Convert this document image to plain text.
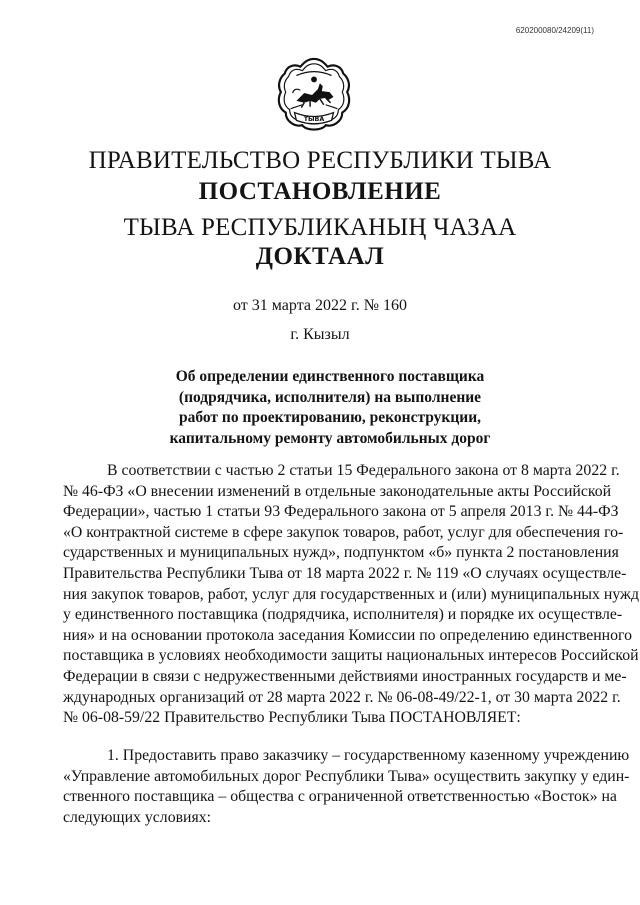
620200080/24209(11)
ТЫВА
ПРАВИТЕЛЬСТВО РЕСПУБЛИКИ ТЫВА
ПОСТАНОВЛЕНИЕ
ТЫВА РЕСПУБЛИКАНЫҢ ЧАЗАА
ДОКТААЛ
от 31 марта 2022 г. № 160
г. Кызыл
Об определении единственного поставщика
(подрядчика, исполнителя) на выполнение
работ по проектированию, реконструкции,
капитальному ремонту автомобильных дорог
В соответствии с частью 2 статьи 15 Федерального закона от 8 марта 2022 г.
№ 46-ФЗ «О внесении изменений в отдельные законодательные акты Российской
Федерации», частью 1 статьи 93 Федерального закона от 5 апреля 2013 г. № 44-ФЗ
«О контрактной системе в сфере закупок товаров, работ, услуг для обеспечения го-
сударственных и муниципальных нужд», подпунктом «б» пункта 2 постановления
Правительства Республики Тыва от 18 марта 2022 г. № 119 «О случаях осуществле-
ния закупок товаров, работ, услуг для государственных и (или) муниципальных нужд
у единственного поставщика (подрядчика, исполнителя) и порядке их осуществле-
ния» и на основании протокола заседания Комиссии по определению единственного
поставщика в условиях необходимости защиты национальных интересов Российской
Федерации в связи с недружественными действиями иностранных государств и ме-
ждународных организаций от 28 марта 2022 г. № 06-08-49/22-1, от 30 марта 2022 г.
№ 06-08-59/22 Правительство Республики Тыва ПОСТАНОВЛЯЕТ:
1. Предоставить право заказчику – государственному казенному учреждению
«Управление автомобильных дорог Республики Тыва» осуществить закупку у един-
ственного поставщика – общества с ограниченной ответственностью «Восток» на
следующих условиях:
